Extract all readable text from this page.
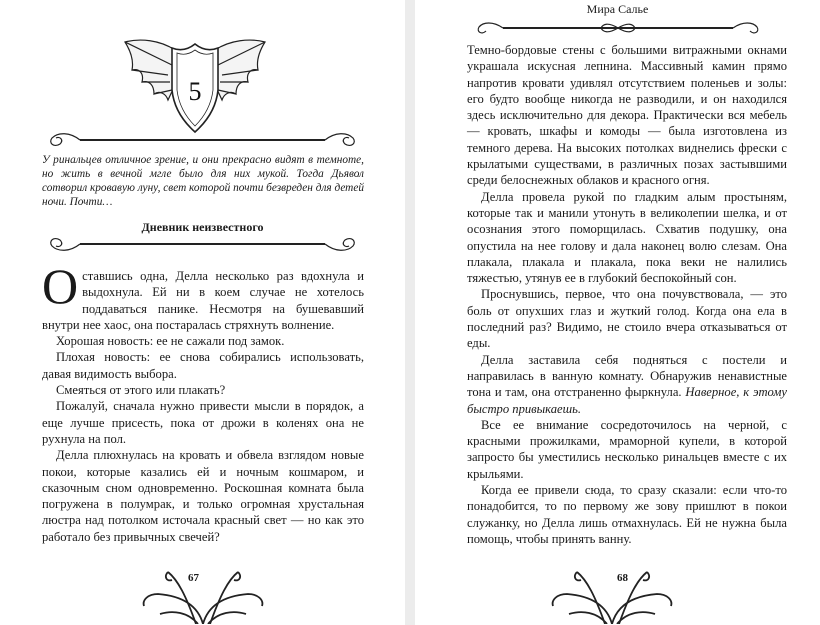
5
У ринальцев отличное зрение, и они прекрасно видят в темноте, но жить в вечной мгле было для них мукой. Тогда Дьявол сотворил кровавую луну, свет которой почти безвреден для детей ночи. Почти…
Дневник неизвестного

Оставшись одна, Делла несколько раз вдохнула и выдохнула. Ей ни в коем случае не хотелось поддаваться панике. Несмотря на бушевавший внутри нее хаос, она постаралась стряхнуть волнение.

Хорошая новость: ее не сажали под замок.

Плохая новость: ее снова собирались использовать, давая видимость выбора.

Смеяться от этого или плакать?

Пожалуй, сначала нужно привести мысли в порядок, а еще лучше присесть, пока от дрожи в коленях она не рухнула на пол.

Делла плюхнулась на кровать и обвела взглядом новые покои, которые казались ей и ночным кошмаром, и сказочным сном одновременно. Роскошная комната была погружена в полумрак, и только огромная хрустальная люстра над потолком источала красный свет — но как это работало без привычных свечей?

67
Мира Салье

Темно-бордовые стены с большими витражными окнами украшала искусная лепнина. Массивный камин прямо напротив кровати удивлял отсутствием поленьев и золы: его будто вообще никогда не разводили, и он находился здесь исключительно для декора. Практически вся мебель — кровать, шкафы и комоды — была изготовлена из темного дерева. На высоких потолках виднелись фрески с крылатыми существами, в различных позах застывшими среди белоснежных облаков и красного огня.

Делла провела рукой по гладким алым простыням, которые так и манили утонуть в великолепии шелка, и от осознания этого поморщилась. Схватив подушку, она опустила на нее голову и дала наконец волю слезам. Она плакала, плакала и плакала, пока веки не налились тяжестью, утянув ее в глубокий беспокойный сон.

Проснувшись, первое, что она почувствовала, — это боль от опухших глаз и жуткий голод. Когда она ела в последний раз? Видимо, не стоило вчера отказываться от еды.

Делла заставила себя подняться с постели и направилась в ванную комнату. Обнаружив ненавистные тона и там, она отстраненно фыркнула. Наверное, к этому быстро привыкаешь.

Все ее внимание сосредоточилось на черной, с красными прожилками, мраморной купели, в которой запросто бы уместились несколько ринальцев вместе с их крыльями.

Когда ее привели сюда, то сразу сказали: если что-то понадобится, то по первому же зову пришлют в покои служанку, но Делла лишь отмахнулась. Ей не нужна была помощь, чтобы принять ванну.

68
